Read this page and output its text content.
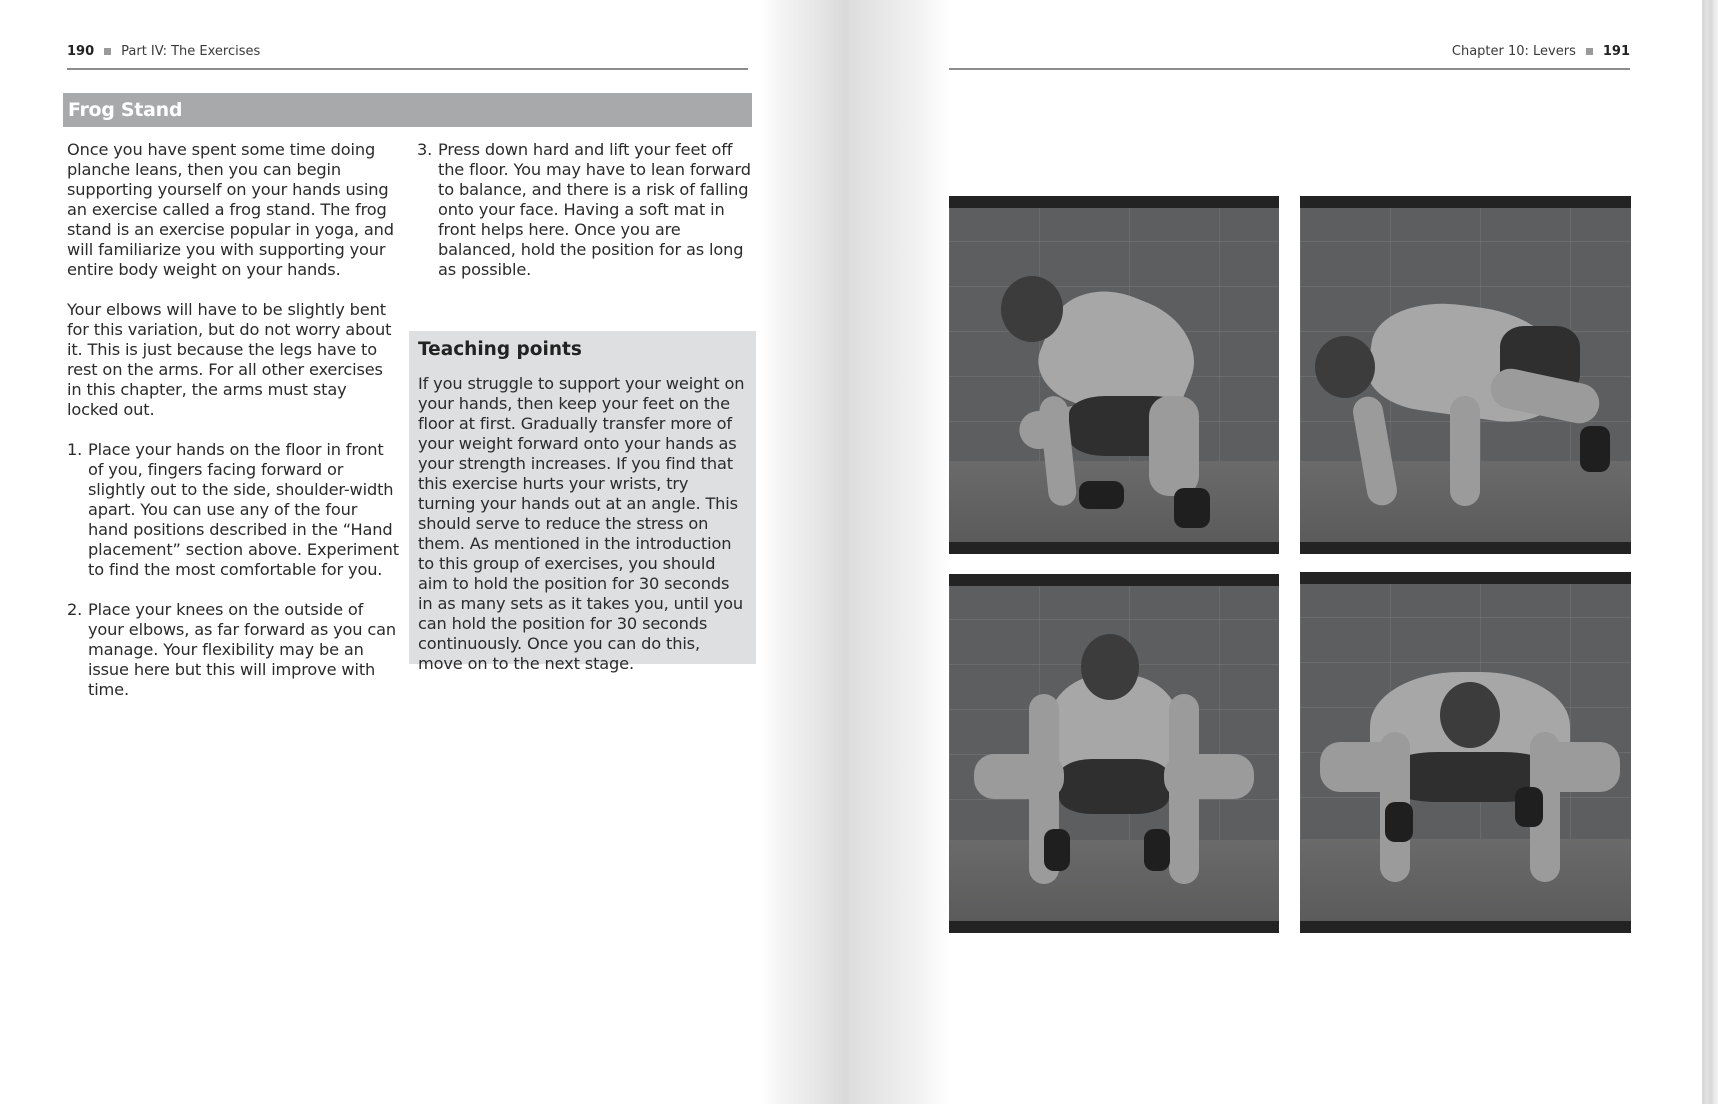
190 Part IV: The Exercises	Chapter 10: Levers 191
Frog Stand

Once you have spent some time doing planche leans, then you can begin supporting yourself on your hands using an exercise called a frog stand. The frog stand is an exercise popular in yoga, and will familiarize you with supporting your entire body weight on your hands.

Your elbows will have to be slightly bent for this variation, but do not worry about it. This is just because the legs have to rest on the arms. For all other exercises in this chapter, the arms must stay locked out.

1. Place your hands on the floor in front of you, fingers facing forward or slightly out to the side, shoulder-width apart. You can use any of the four hand positions described in the “Hand placement” section above. Experiment to find the most comfortable for you.
2. Place your knees on the outside of your elbows, as far forward as you can manage. Your flexibility may be an issue here but this will improve with time.
3. Press down hard and lift your feet off the floor. You may have to lean forward to balance, and there is a risk of falling onto your face. Having a soft mat in front helps here. Once you are balanced, hold the position for as long as possible.
Teaching points

If you struggle to support your weight on your hands, then keep your feet on the floor at first. Gradually transfer more of your weight forward onto your hands as your strength increases. If you find that this exercise hurts your wrists, try turning your hands out at an angle. This should serve to reduce the stress on them. As mentioned in the introduction to this group of exercises, you should aim to hold the position for 30 seconds in as many sets as it takes you, until you can hold the position for 30 seconds continuously. Once you can do this, move on to the next stage.
